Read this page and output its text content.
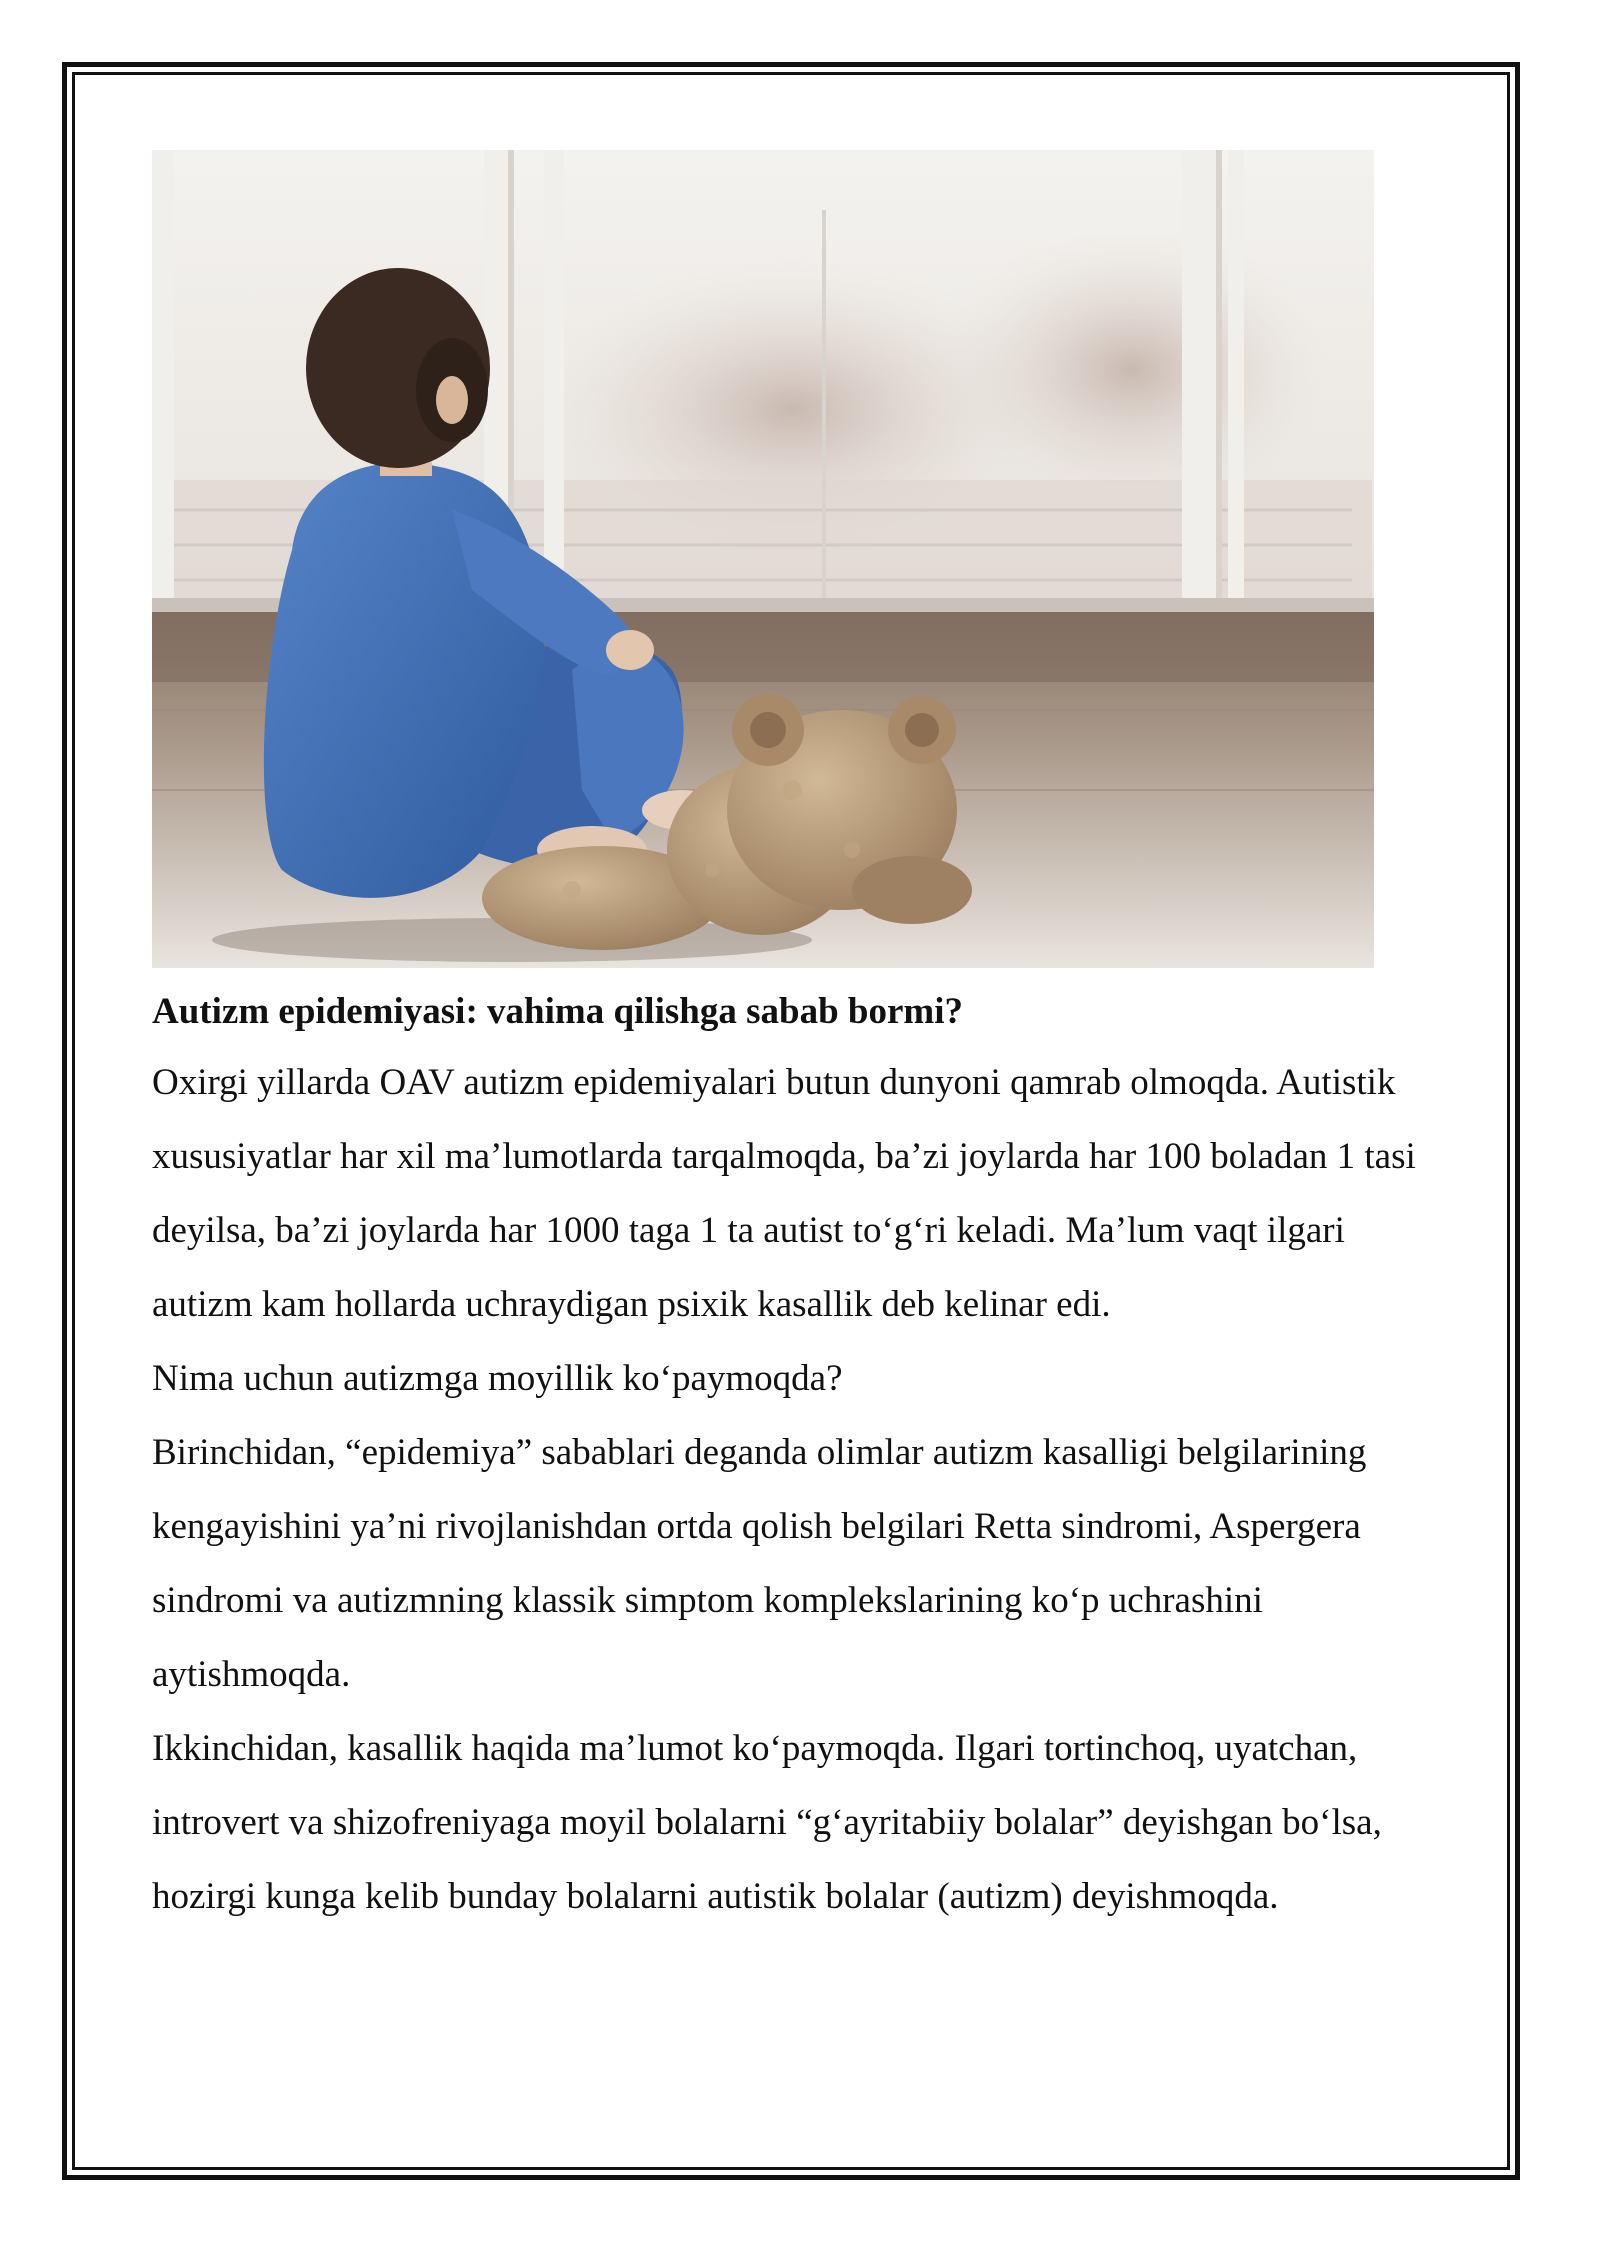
Autizm epidemiyasi: vahima qilishga sabab bormi?

Oxirgi yillarda OAV autizm epidemiyalari butun dunyoni qamrab olmoqda. Autistik xususiyatlar har xil ma’lumotlarda tarqalmoqda, ba’zi joylarda har 100 boladan 1 tasi deyilsa, ba’zi joylarda har 1000 taga 1 ta autist to‘g‘ri keladi. Ma’lum vaqt ilgari autizm kam hollarda uchraydigan psixik kasallik deb kelinar edi.

Nima uchun autizmga moyillik ko‘paymoqda?

Birinchidan, “epidemiya” sabablari deganda olimlar autizm kasalligi belgilarining kengayishini ya’ni rivojlanishdan ortda qolish belgilari Retta sindromi, Aspergera sindromi va autizmning klassik simptom komplekslarining ko‘p uchrashini aytishmoqda.

Ikkinchidan, kasallik haqida ma’lumot ko‘paymoqda. Ilgari tortinchoq, uyatchan, introvert va shizofreniyaga moyil bolalarni “g‘ayritabiiy bolalar” deyishgan bo‘lsa, hozirgi kunga kelib bunday bolalarni autistik bolalar (autizm) deyishmoqda.
